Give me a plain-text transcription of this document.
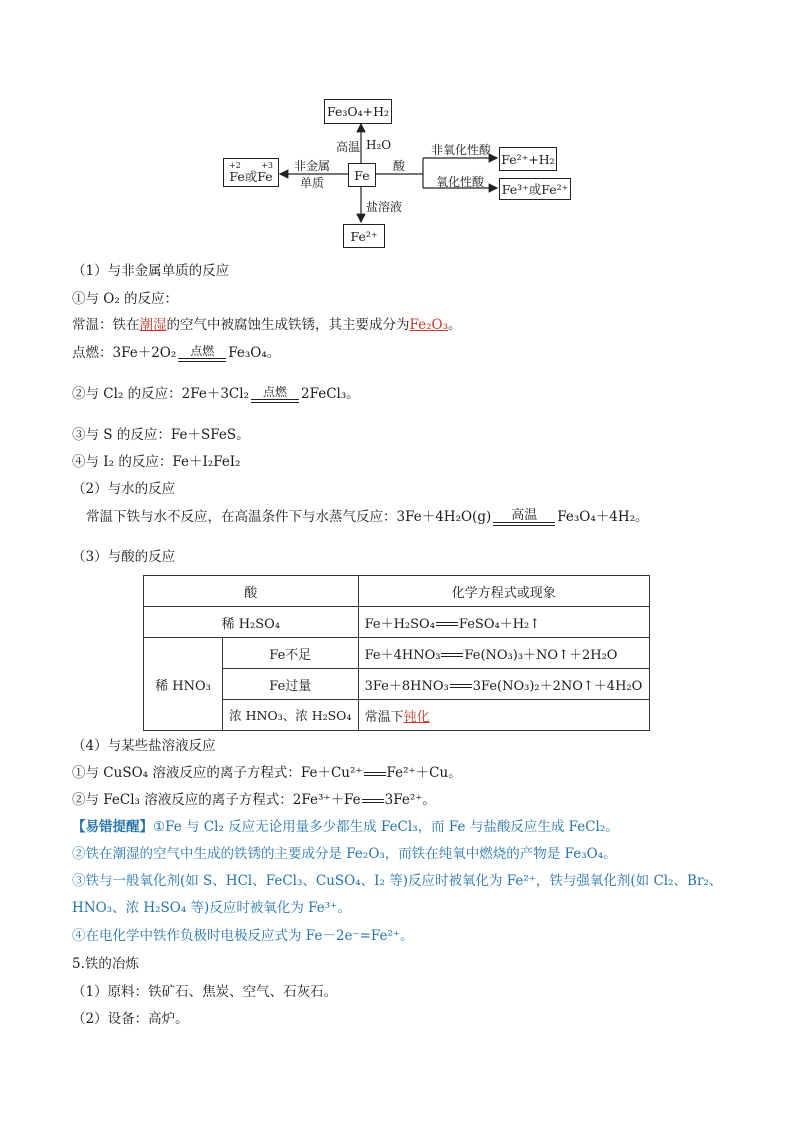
Fe₃O₄+H₂
Fe
+2	+3
Fe或Fe
Fe²⁺+H₂
Fe³⁺或Fe²⁺
Fe²⁺
高温 H₂O
非金属
单质
酸
非氧化性酸
氧化性酸
盐溶液
（1）与非金属单质的反应
①与 O₂ 的反应：
常温：铁在潮湿的空气中被腐蚀生成铁锈，其主要成分为Fe₂O₃。
点燃：3Fe＋2O₂ 点燃 Fe₃O₄。
②与 Cl₂ 的反应：2Fe＋3Cl₂ 点燃 2FeCl₃。
③与 S 的反应：Fe＋SFeS。
④与 I₂ 的反应：Fe＋I₂FeI₂
（2）与水的反应
常温下铁与水不反应，在高温条件下与水蒸气反应：3Fe＋4H₂O(g) 高温 Fe₃O₄＋4H₂。
（3）与酸的反应
酸		化学方程式或现象
稀 H₂SO₄		Fe＋H₂SO₄ FeSO₄＋H₂↑
稀 HNO₃	Fe不足	Fe＋4HNO₃ Fe(NO₃)₃＋NO↑＋2H₂O
	Fe过量	3Fe＋8HNO₃ 3Fe(NO₃)₂＋2NO↑＋4H₂O
	浓 HNO₃、浓 H₂SO₄	常温下钝化
（4）与某些盐溶液反应
①与 CuSO₄ 溶液反应的离子方程式：Fe＋Cu²⁺ Fe²⁺＋Cu。
②与 FeCl₃ 溶液反应的离子方程式：2Fe³⁺＋Fe 3Fe²⁺。
【易错提醒】①Fe 与 Cl₂ 反应无论用量多少都生成 FeCl₃，而 Fe 与盐酸反应生成 FeCl₂。
②铁在潮湿的空气中生成的铁锈的主要成分是 Fe₂O₃，而铁在纯氧中燃烧的产物是 Fe₃O₄。
③铁与一般氧化剂(如 S、HCl、FeCl₃、CuSO₄、I₂ 等)反应时被氧化为 Fe²⁺，铁与强氧化剂(如 Cl₂、Br₂、
HNO₃、浓 H₂SO₄ 等)反应时被氧化为 Fe³⁺。
④在电化学中铁作负极时电极反应式为 Fe－2e⁻=Fe²⁺。
5.铁的冶炼
（1）原料：铁矿石、焦炭、空气、石灰石。
（2）设备：高炉。
